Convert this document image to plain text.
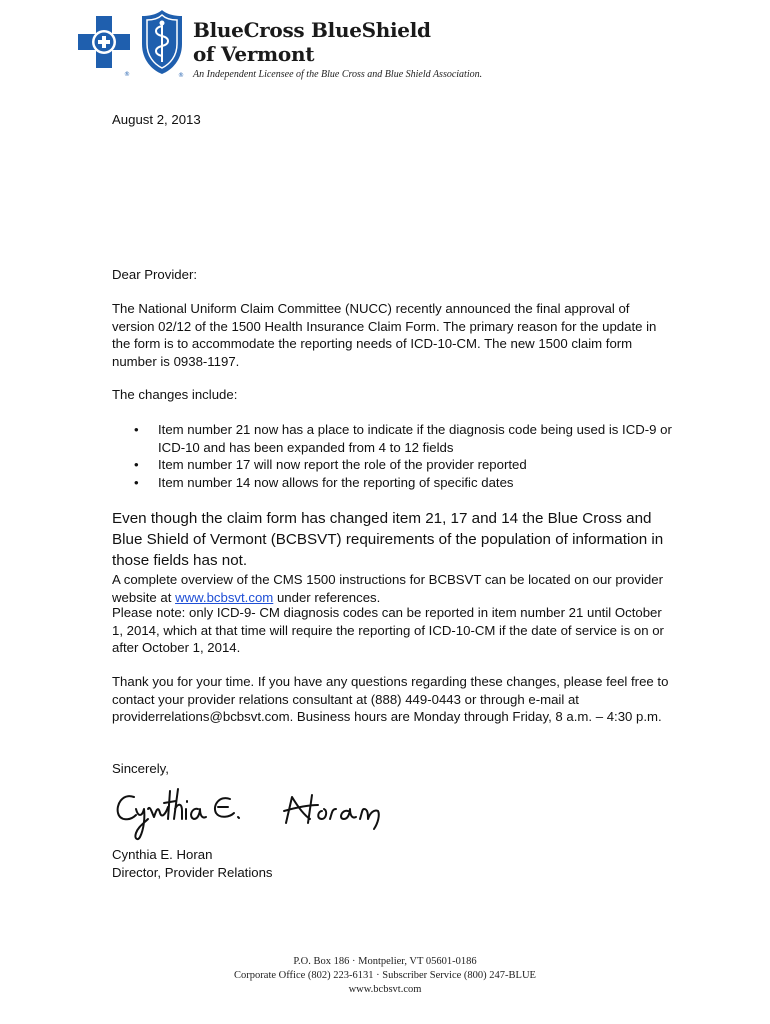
®	®
BlueCross BlueShield
of Vermont
An Independent Licensee of the Blue Cross and Blue Shield Association.
August 2, 2013
Dear Provider:
The National Uniform Claim Committee (NUCC) recently announced the final approval of version 02/12 of the 1500 Health Insurance Claim Form. The primary reason for the update in the form is to accommodate the reporting needs of ICD-10-CM. The new 1500 claim form number is 0938-1197.
The changes include:
• Item number 21 now has a place to indicate if the diagnosis code being used is ICD-9 or ICD-10 and has been expanded from 4 to 12 fields
• Item number 17 will now report the role of the provider reported
• Item number 14 now allows for the reporting of specific dates
Even though the claim form has changed item 21, 17 and 14 the Blue Cross and Blue Shield of Vermont (BCBSVT) requirements of the population of information in those fields has not.
A complete overview of the CMS 1500 instructions for BCBSVT can be located on our provider website at www.bcbsvt.com under references.
Please note: only ICD-9- CM diagnosis codes can be reported in item number 21 until October 1, 2014, which at that time will require the reporting of ICD-10-CM if the date of service is on or after October 1, 2014.
Thank you for your time. If you have any questions regarding these changes, please feel free to contact your provider relations consultant at (888) 449-0443 or through e-mail at providerrelations@bcbsvt.com. Business hours are Monday through Friday, 8 a.m. – 4:30 p.m.
Sincerely,
Cynthia E. Horan
Director, Provider Relations
P.O. Box 186 · Montpelier, VT 05601-0186
Corporate Office (802) 223-6131 · Subscriber Service (800) 247-BLUE
www.bcbsvt.com
